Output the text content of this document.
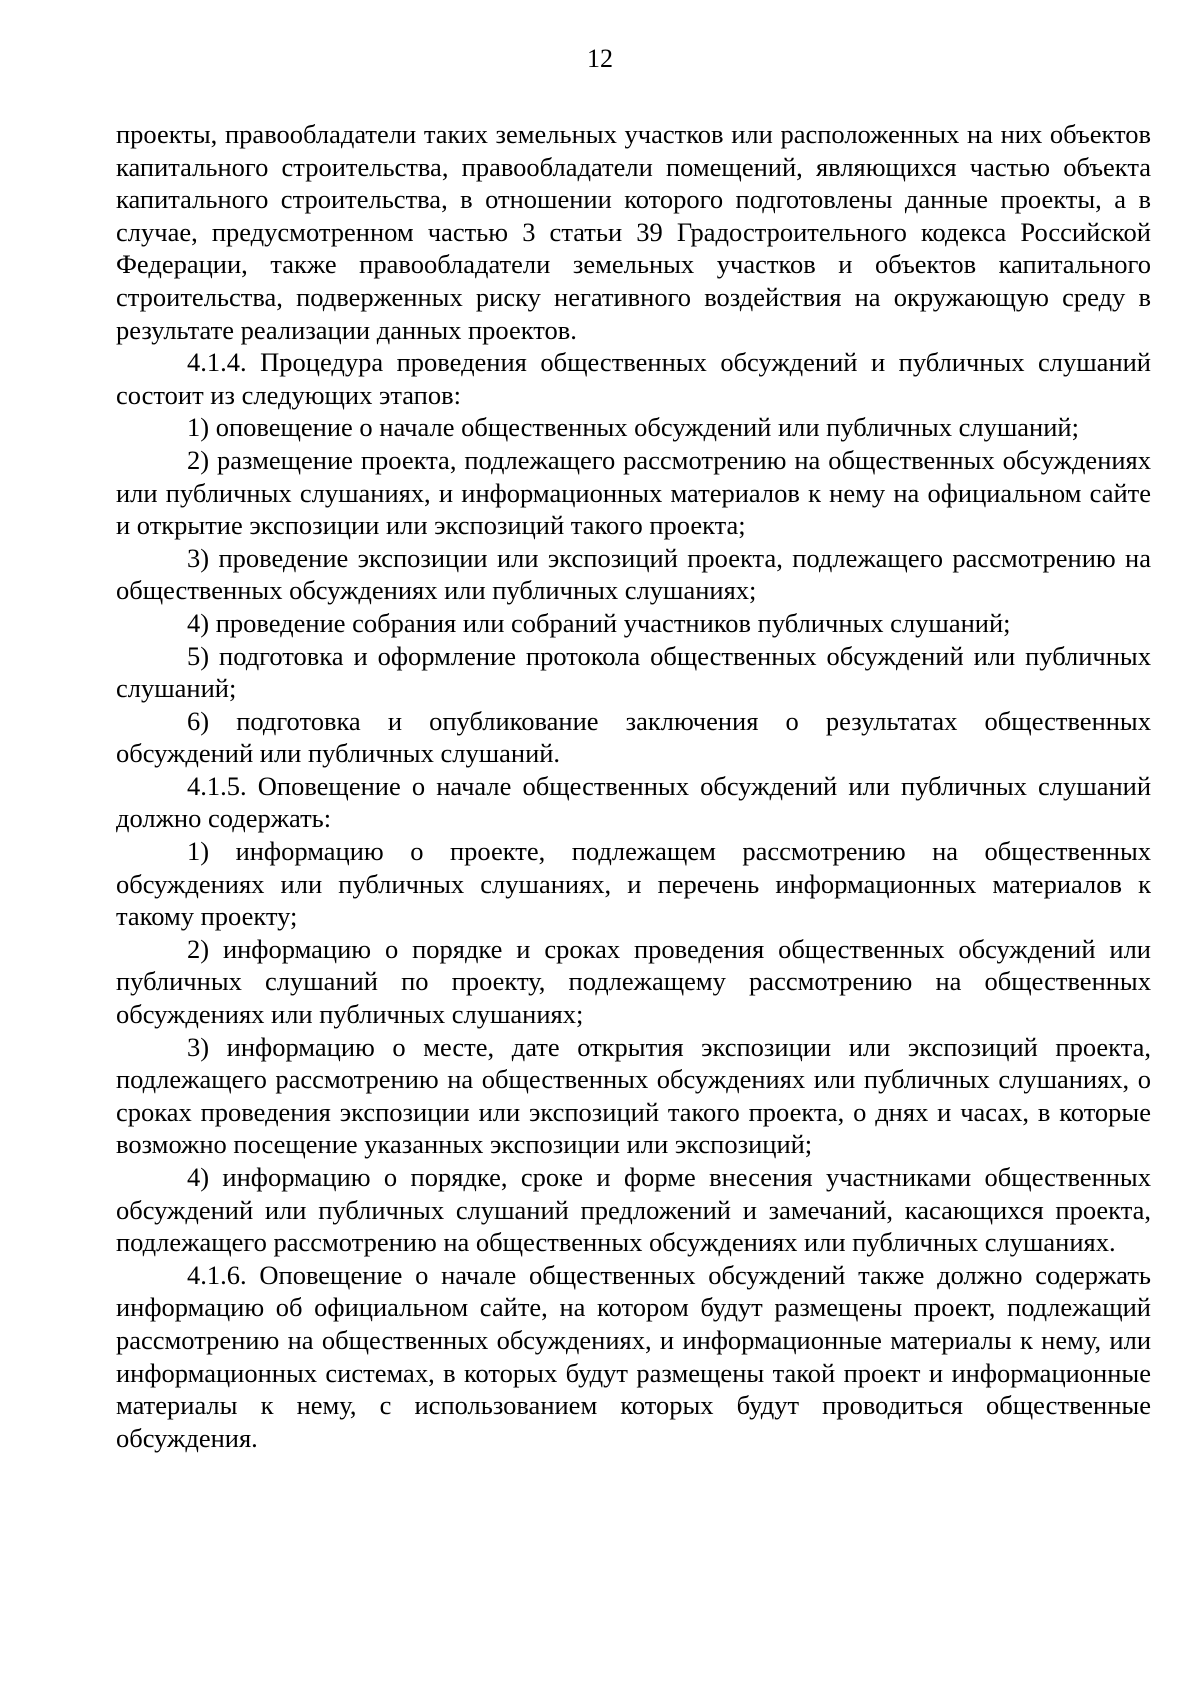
12

проекты, правообладатели таких земельных участков или расположенных на них объектов капитального строительства, правообладатели помещений, являющихся частью объекта капитального строительства, в отношении которого подготовлены данные проекты, а в случае, предусмотренном частью 3 статьи 39 Градостроительного кодекса Российской Федерации, также правообладатели земельных участков и объектов капитального строительства, подверженных риску негативного воздействия на окружающую среду в результате реализации данных проектов.

4.1.4. Процедура проведения общественных обсуждений и публичных слушаний состоит из следующих этапов:

1) оповещение о начале общественных обсуждений или публичных слушаний;

2) размещение проекта, подлежащего рассмотрению на общественных обсуждениях или публичных слушаниях, и информационных материалов к нему на официальном сайте и открытие экспозиции или экспозиций такого проекта;

3) проведение экспозиции или экспозиций проекта, подлежащего рассмотрению на общественных обсуждениях или публичных слушаниях;

4) проведение собрания или собраний участников публичных слушаний;

5) подготовка и оформление протокола общественных обсуждений или публичных слушаний;

6) подготовка и опубликование заключения о результатах общественных обсуждений или публичных слушаний.

4.1.5. Оповещение о начале общественных обсуждений или публичных слушаний должно содержать:

1) информацию о проекте, подлежащем рассмотрению на общественных обсуждениях или публичных слушаниях, и перечень информационных материалов к такому проекту;

2) информацию о порядке и сроках проведения общественных обсуждений или публичных слушаний по проекту, подлежащему рассмотрению на общественных обсуждениях или публичных слушаниях;

3) информацию о месте, дате открытия экспозиции или экспозиций проекта, подлежащего рассмотрению на общественных обсуждениях или публичных слушаниях, о сроках проведения экспозиции или экспозиций такого проекта, о днях и часах, в которые возможно посещение указанных экспозиции или экспозиций;

4) информацию о порядке, сроке и форме внесения участниками общественных обсуждений или публичных слушаний предложений и замечаний, касающихся проекта, подлежащего рассмотрению на общественных обсуждениях или публичных слушаниях.

4.1.6. Оповещение о начале общественных обсуждений также должно содержать информацию об официальном сайте, на котором будут размещены проект, подлежащий рассмотрению на общественных обсуждениях, и информационные материалы к нему, или информационных системах, в которых будут размещены такой проект и информационные материалы к нему, с использованием которых будут проводиться общественные обсуждения.
